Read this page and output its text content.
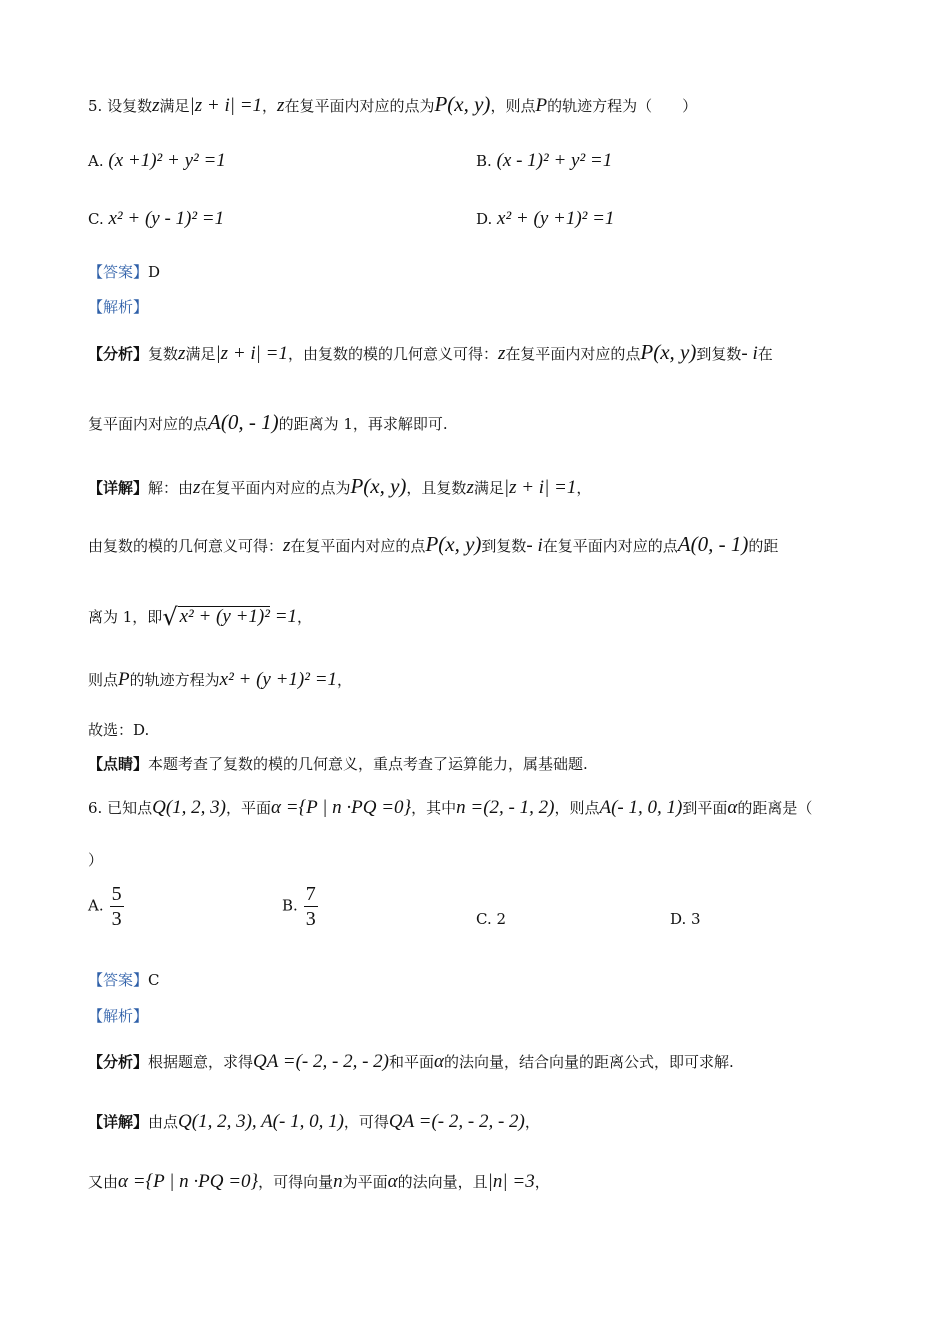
5. 设复数z满足|z + i| =1，z在复平面内对应的点为P(x, y)，则点P的轨迹方程为（　　）
A. (x +1)² + y² =1	B. (x - 1)² + y² =1
C. x² + (y - 1)² =1	D. x² + (y +1)² =1
【答案】D
【解析】
【分析】复数z满足|z + i| =1，由复数的模的几何意义可得：z在复平面内对应的点P(x, y)到复数- i在
复平面内对应的点A(0, - 1)的距离为 1，再求解即可.
【详解】解：由z在复平面内对应的点为P(x, y)，且复数z满足|z + i| =1，
由复数的模的几何意义可得：z在复平面内对应的点P(x, y)到复数- i在复平面内对应的点A(0, - 1)的距
离为 1，即√ x² + (y +1)² =1，
则点P的轨迹方程为x² + (y +1)² =1，
故选：D.
【点睛】本题考查了复数的模的几何意义，重点考查了运算能力，属基础题.
6. 已知点Q(1, 2, 3)，平面α ={P | n ·PQ =0}，其中n =(2, - 1, 2)，则点A(- 1, 0, 1)到平面α的距离是（
）
A. $\frac{5}{3}$	B. $\frac{7}{3}$	C. 2	D. 3
【答案】C
【解析】
【分析】根据题意，求得QA =(- 2, - 2, - 2)和平面α的法向量，结合向量的距离公式，即可求解.
【详解】由点Q(1, 2, 3), A(- 1, 0, 1)，可得QA =(- 2, - 2, - 2)，
又由α ={P | n ·PQ =0}，可得向量n为平面α的法向量，且|n| =3，
